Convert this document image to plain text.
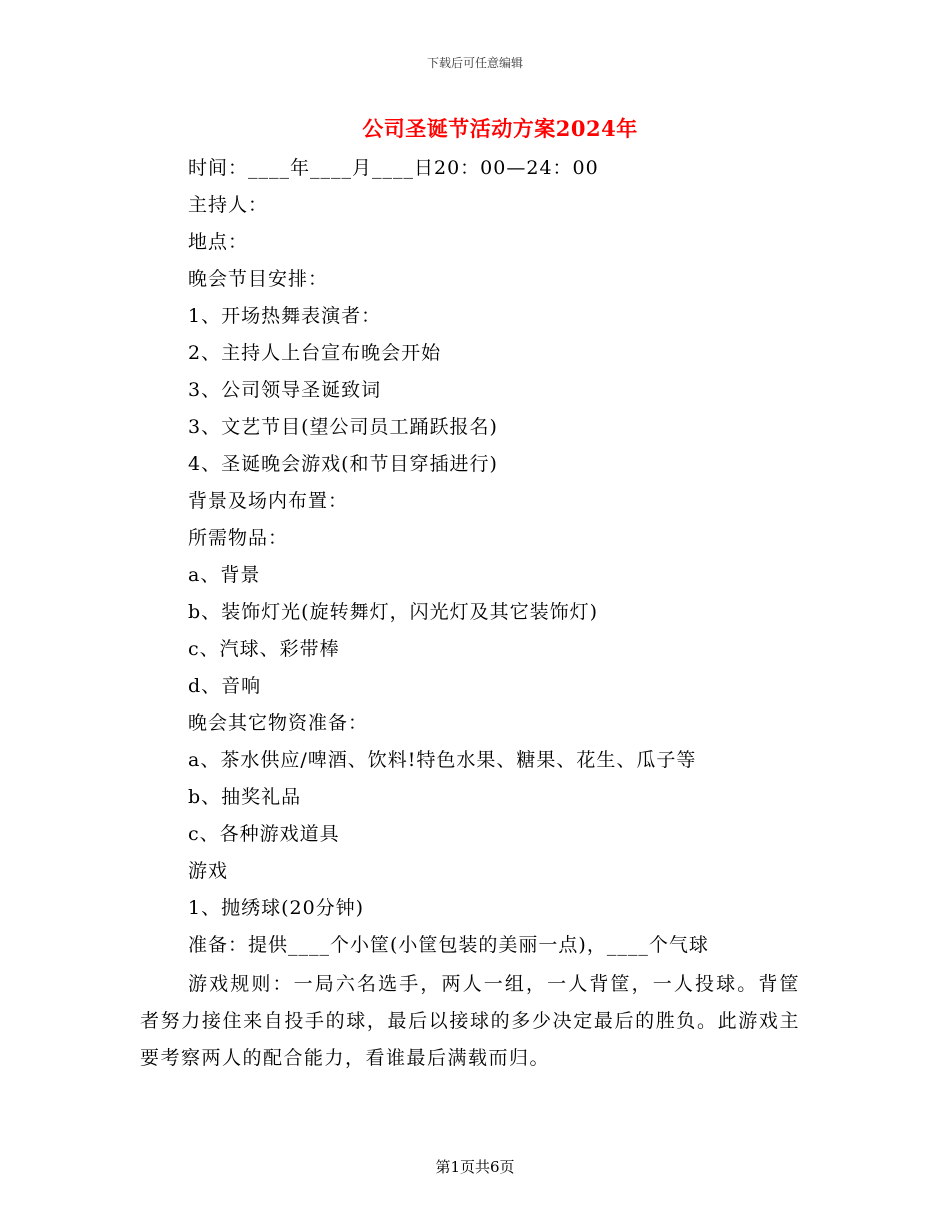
下载后可任意编辑
公司圣诞节活动方案2024年
时间：____年____月____日20：00—24：00
主持人：
地点：
晚会节目安排：
1、开场热舞表演者：
2、主持人上台宣布晚会开始
3、公司领导圣诞致词
3、文艺节目(望公司员工踊跃报名)
4、圣诞晚会游戏(和节目穿插进行)
背景及场内布置：
所需物品：
a、背景
b、装饰灯光(旋转舞灯，闪光灯及其它装饰灯)
c、汽球、彩带棒
d、音响
晚会其它物资准备：
a、茶水供应/啤酒、饮料!特色水果、糖果、花生、瓜子等
b、抽奖礼品
c、各种游戏道具
游戏
1、抛绣球(20分钟)
准备：提供____个小筐(小筐包装的美丽一点)，____个气球
游戏规则：一局六名选手，两人一组，一人背筐，一人投球。背筐者努力接住来自投手的球，最后以接球的多少决定最后的胜负。此游戏主要考察两人的配合能力，看谁最后满载而归。
第1页共6页
